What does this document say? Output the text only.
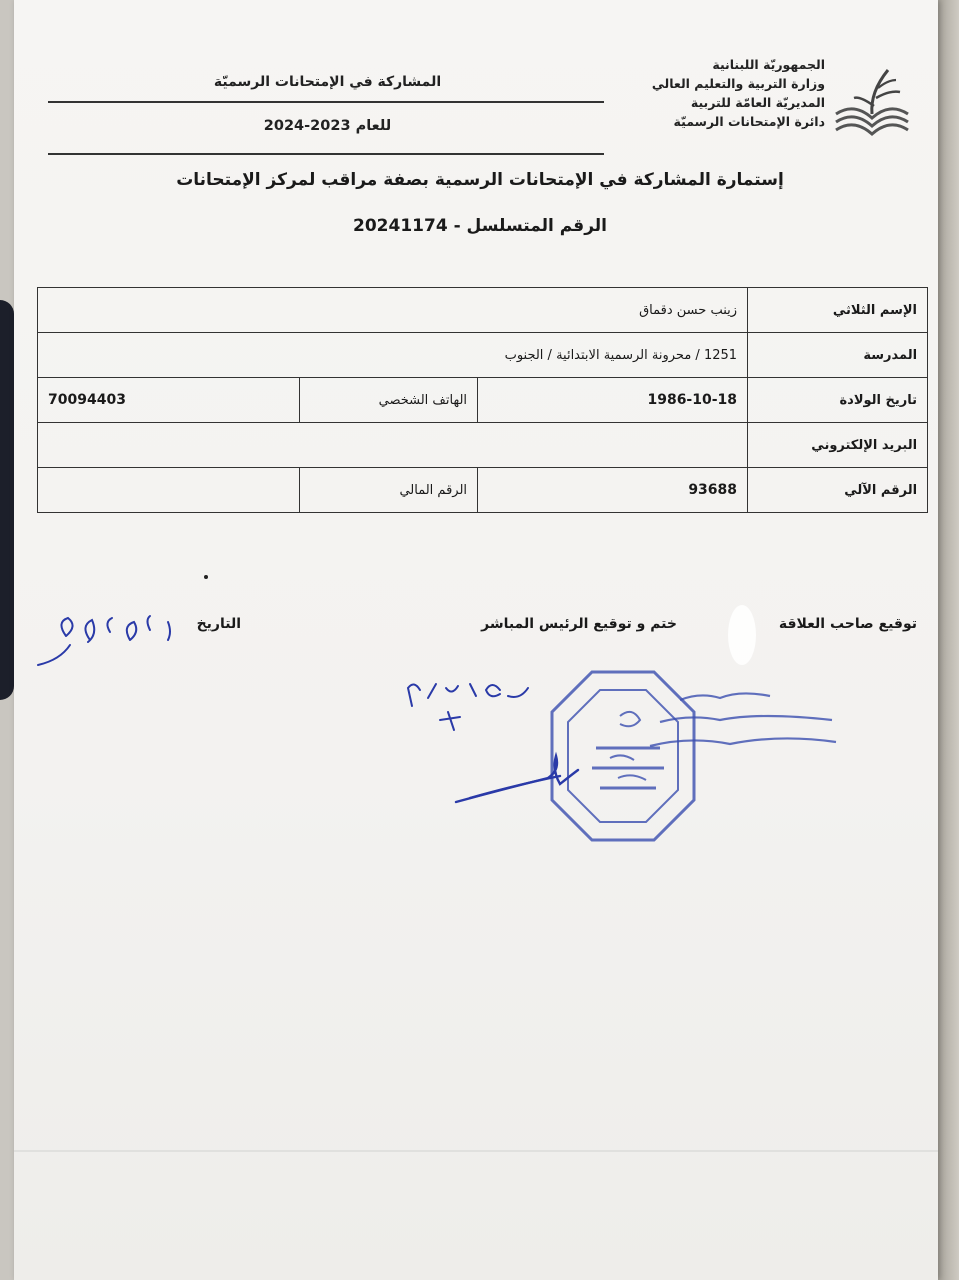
الجمهوريّة اللبنانية
وزارة التربية والتعليم العالي
المديريّة العامّة للتربية
دائرة الإمتحانات الرسميّة
المشاركة في الإمتحانات الرسميّة
للعام 2023-2024
إستمارة المشاركة في الإمتحانات الرسمية بصفة مراقب لمركز الإمتحانات
الرقم المتسلسل - 20241174
الإسم الثلاثي	زينب حسن دقماق		
المدرسة	1251 / محرونة الرسمية الابتدائية / الجنوب		
تاريخ الولادة	1986-10-18	الهاتف الشخصي	70094403
البريد الإلكتروني			
الرقم الآلي	93688	الرقم المالي	
توقيع صاحب العلاقة
ختم و توقيع الرئيس المباشر
التاريخ
